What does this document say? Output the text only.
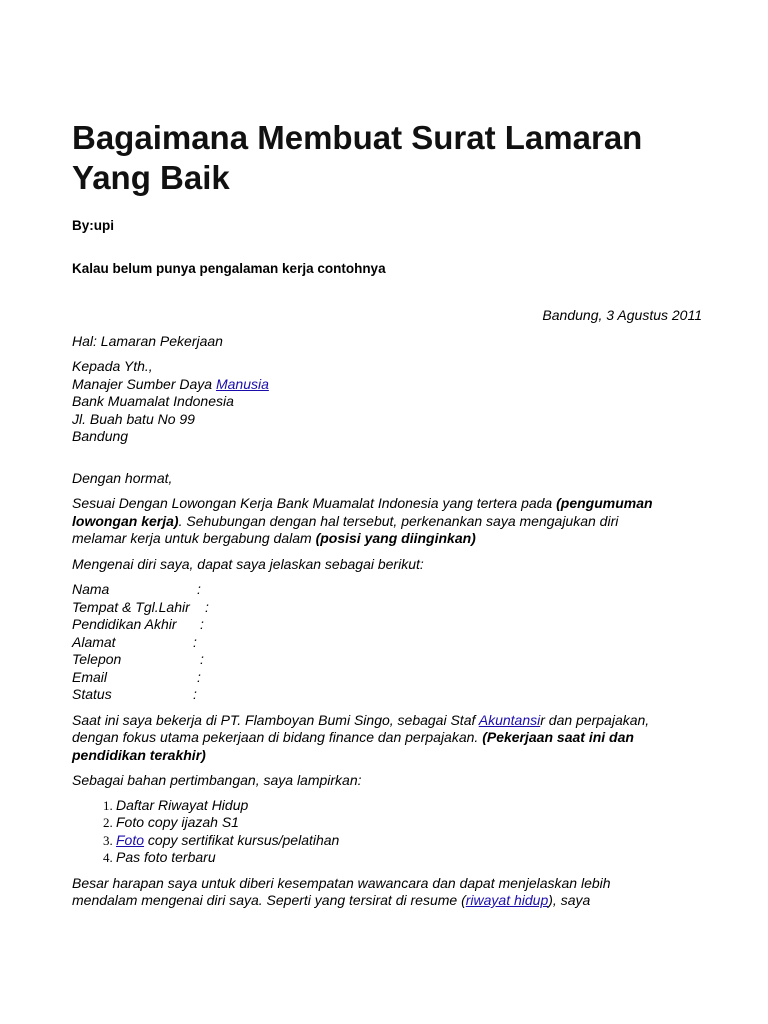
Bagaimana Membuat Surat Lamaran
Yang Baik
By:upi
Kalau belum punya pengalaman kerja contohnya
Bandung, 3 Agustus 2011
Hal: Lamaran Pekerjaan
Kepada Yth.,
Manajer Sumber Daya Manusia
Bank Muamalat Indonesia
Jl. Buah batu No 99
Bandung
Dengan hormat,
Sesuai Dengan Lowongan Kerja Bank Muamalat Indonesia yang tertera pada (pengumuman
lowongan kerja). Sehubungan dengan hal tersebut, perkenankan saya mengajukan diri
melamar kerja untuk bergabung dalam (posisi yang diinginkan)
Mengenai diri saya, dapat saya jelaskan sebagai berikut:
Nama	:
Tempat & Tgl.Lahir	:
Pendidikan Akhir	:
Alamat	:
Telepon	:
Email	:
Status	:
Saat ini saya bekerja di PT. Flamboyan Bumi Singo, sebagai Staf Akuntansir dan perpajakan,
dengan fokus utama pekerjaan di bidang finance dan perpajakan. (Pekerjaan saat ini dan
pendidikan terakhir)
Sebagai bahan pertimbangan, saya lampirkan:
1. Daftar Riwayat Hidup
2. Foto copy ijazah S1
3. Foto copy sertifikat kursus/pelatihan
4. Pas foto terbaru
Besar harapan saya untuk diberi kesempatan wawancara dan dapat menjelaskan lebih
mendalam mengenai diri saya. Seperti yang tersirat di resume (riwayat hidup), saya
